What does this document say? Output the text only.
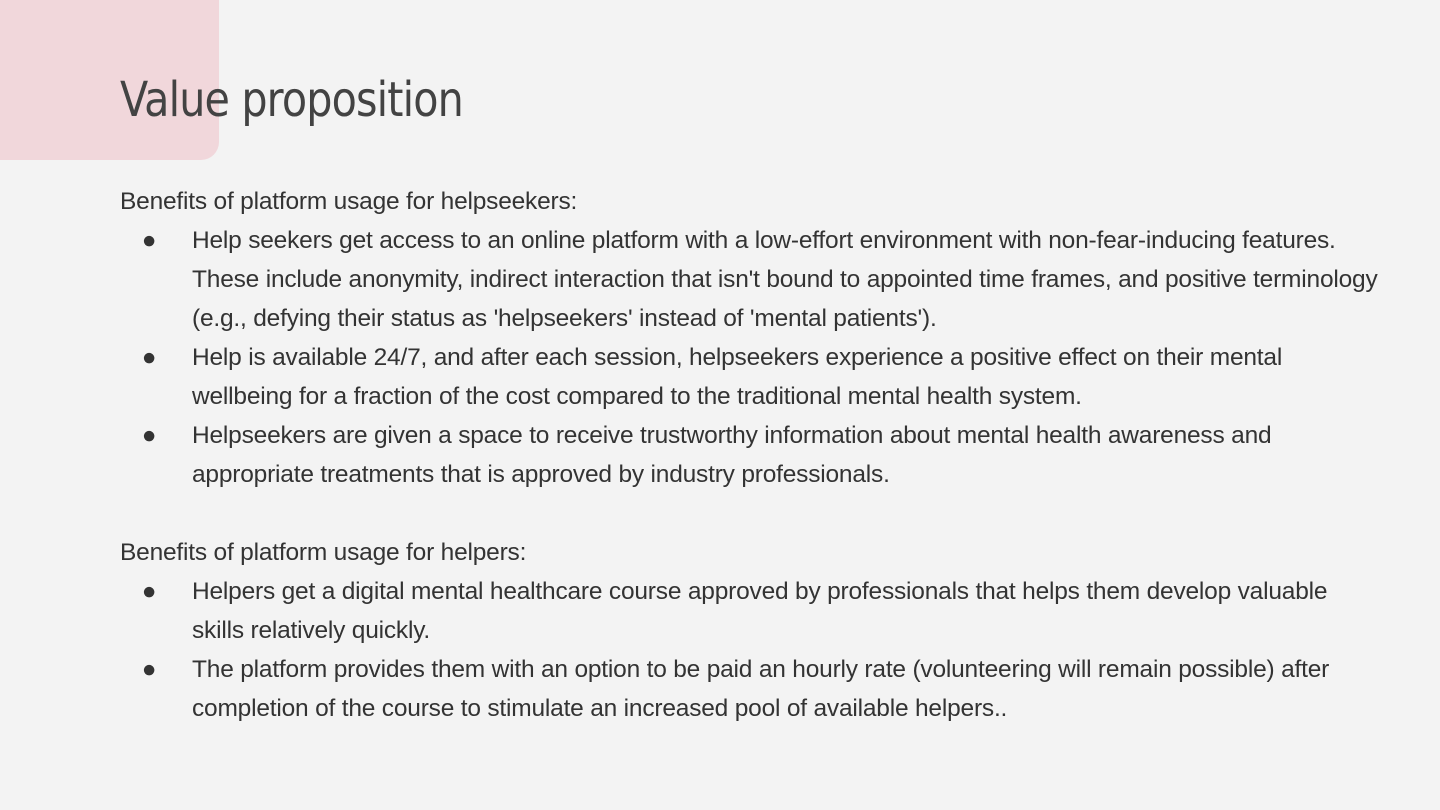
Value proposition

Benefits of platform usage for helpseekers:

● Help seekers get access to an online platform with a low-effort environment with non-fear-inducing features. These include anonymity, indirect interaction that isn't bound to appointed time frames, and positive terminology (e.g., defying their status as 'helpseekers' instead of 'mental patients').
● Help is available 24/7, and after each session, helpseekers experience a positive effect on their mental wellbeing for a fraction of the cost compared to the traditional mental health system.
● Helpseekers are given a space to receive trustworthy information about mental health awareness and appropriate treatments that is approved by industry professionals.

Benefits of platform usage for helpers:

● Helpers get a digital mental healthcare course approved by professionals that helps them develop valuable skills relatively quickly.
● The platform provides them with an option to be paid an hourly rate (volunteering will remain possible) after completion of the course to stimulate an increased pool of available helpers..
